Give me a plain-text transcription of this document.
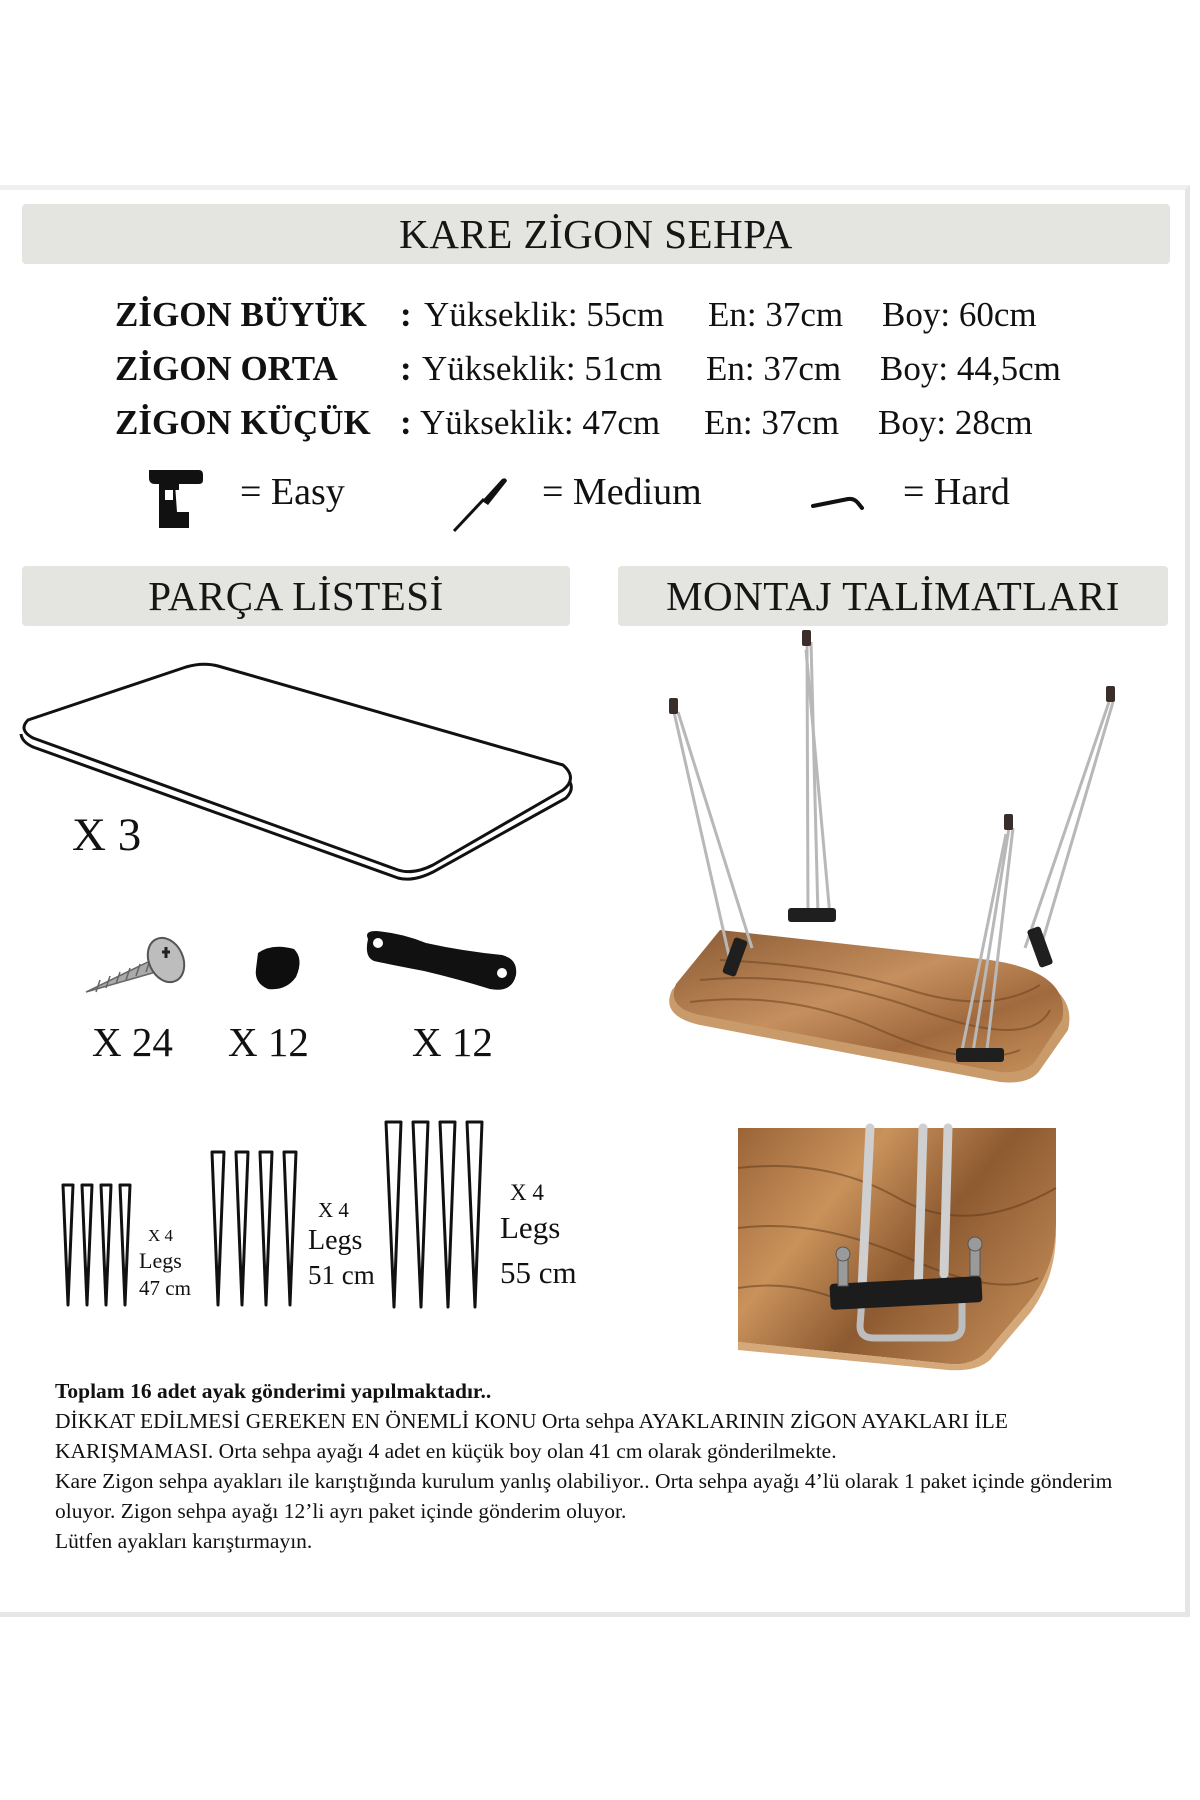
KARE ZİGON SEHPA
ZİGON BÜYÜK : Yükseklik: 55cm En: 37cm Boy: 60cm
ZİGON ORTA : Yükseklik: 51cm En: 37cm Boy: 44,5cm
ZİGON KÜÇÜK : Yükseklik: 47cm En: 37cm Boy: 28cm
= Easy	= Medium	= Hard
PARÇA LİSTESİ	MONTAJ TALİMATLARI
X 3
X 24 X 12	X 12
X 4
Legs
47 cm
X 4
Legs
51 cm
X 4
Legs
55 cm

Toplam 16 adet ayak gönderimi yapılmaktadır..

DİKKAT EDİLMESİ GEREKEN EN ÖNEMLİ KONU Orta sehpa AYAKLARININ ZİGON AYAKLARI İLE KARIŞMAMASI. Orta sehpa ayağı 4 adet en küçük boy olan 41 cm olarak gönderilmekte.

Kare Zigon sehpa ayakları ile karıştığında kurulum yanlış olabiliyor.. Orta sehpa ayağı 4’lü olarak 1 paket içinde gönderim oluyor. Zigon sehpa ayağı 12’li ayrı paket içinde gönderim oluyor.

Lütfen ayakları karıştırmayın.
